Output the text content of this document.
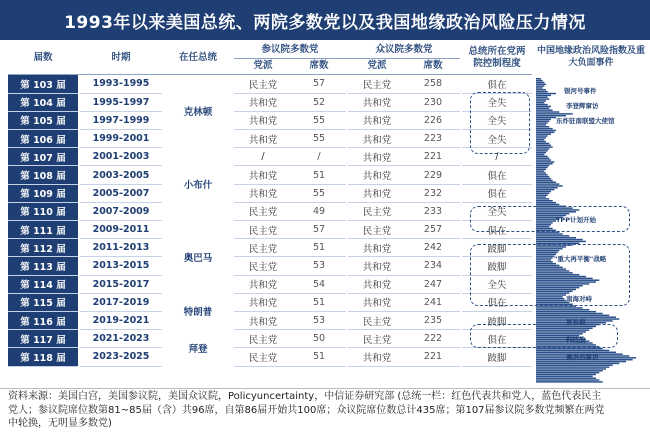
1993年以来美国总统、两院多数党以及我国地缘政治风险压力情况
届数	时期	在任总统
参议院多数党	众议院多数党
党派	席数	党派	席数
总统所在党两院控制程度
中国地缘政治风险指数及重大负面事件
第 103 届		1993-1995		克林顿		民主党	57		民主党	258		俱在
第 104 届		1995-1997				共和党	52		共和党	230		全失
第 105 届		1997-1999				共和党	55		共和党	226		全失
第 106 届		1999-2001				共和党	55		共和党	223		全失
第 107 届		2001-2003		小布什		/	/		共和党	221		/
第 108 届		2003-2005				共和党	51		共和党	229		俱在
第 109 届		2005-2007				共和党	55		共和党	232		俱在
第 110 届		2007-2009				民主党	49		民主党	233		全失
第 111 届		2009-2011		奥巴马		民主党	57		民主党	257		俱在
第 112 届		2011-2013				民主党	51		共和党	242		跛脚
第 113 届		2013-2015				民主党	53		共和党	234		跛脚
第 114 届		2015-2017				共和党	54		共和党	247		全失
第 115 届		2017-2019		特朗普		共和党	51		共和党	241		俱在
第 116 届		2019-2021				共和党	53		民主党	235		跛脚
第 117 届		2021-2023		拜登		民主党	50		民主党	222		俱在
第 118 届		2023-2025				民主党	51		共和党	221		跛脚
银河号事件
李登辉窜访
东炸驻南联盟大使馆
TPP计划开始
"重大再平衡"战略
南海对峙
贸易战
科技战
佩洛西窜访
资料来源：美国白宫，美国参议院，美国众议院，Policyuncertainty，中信证券研究部 (总统一栏：红色代表共和党人，蓝色代表民主党人；参议院席位数第81~85届（含）共96席，自第86届开始共100席；众议院席位数总计435席；第107届参议院多数党频繁在两党中轮换，无明显多数党)
